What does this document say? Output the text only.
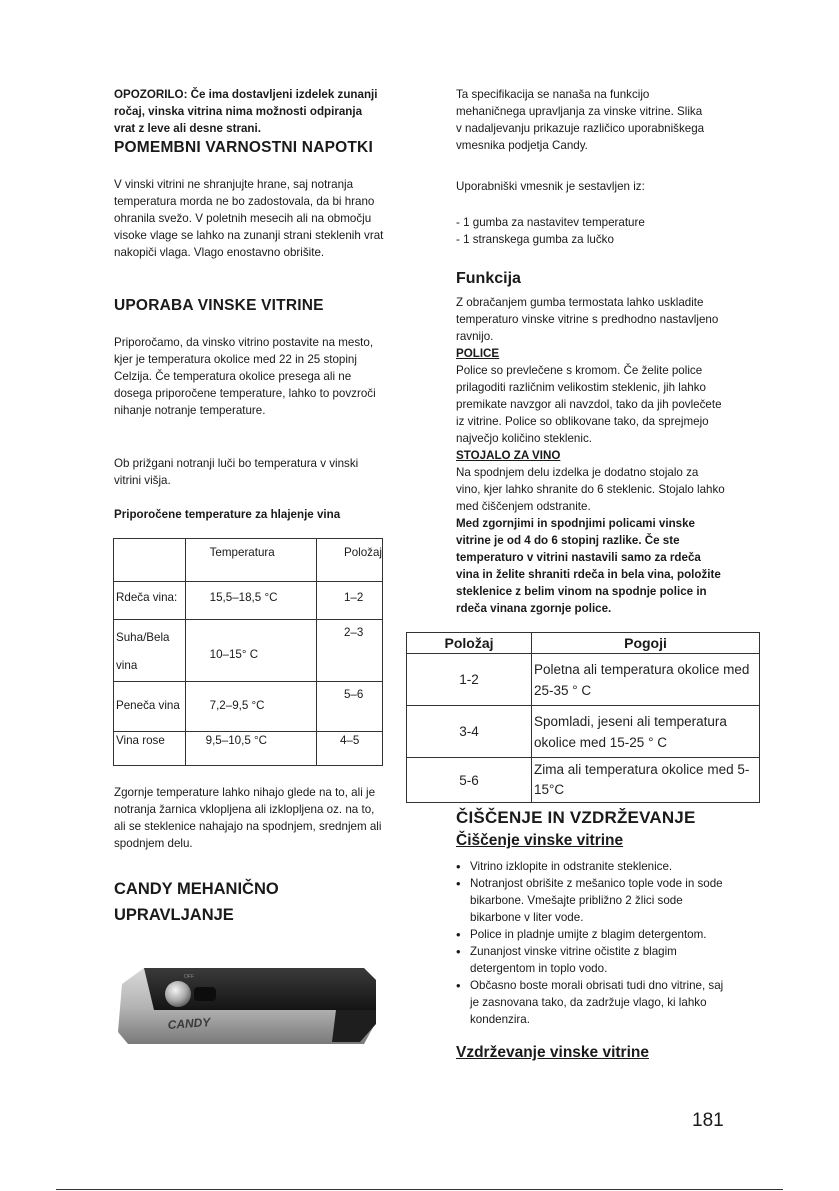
OPOZORILO: Če ima dostavljeni izdelek zunanji ročaj, vinska vitrina nima možnosti odpiranja vrat z leve ali desne strani.
POMEMBNI VARNOSTNI NAPOTKI
V vinski vitrini ne shranjujte hrane, saj notranja temperatura morda ne bo zadostovala, da bi hrano ohranila svežo. V poletnih mesecih ali na območju visoke vlage se lahko na zunanji strani steklenih vrat nakopiči vlaga. Vlago enostavno obrišite.
UPORABA VINSKE VITRINE
Priporočamo, da vinsko vitrino postavite na mesto, kjer je temperatura okolice med 22 in 25 stopinj Celzija. Če temperatura okolice presega ali ne dosega priporočene temperature, lahko to povzroči nihanje notranje temperature.
Ob prižgani notranji luči bo temperatura v vinski vitrini višja.
Priporočene temperature za hlajenje vina
	Temperatura	Položaj
Rdeča vina:	15,5–18,5 °C	1–2

Suha/Bela
vina	10–15° C	2–3
Peneča vina	7,2–9,5 °C	5–6
Vina rose	9,5–10,5 °C	4–5
Zgornje temperature lahko nihajo glede na to, ali je notranja žarnica vklopljena ali izklopljena oz. na to, ali se steklenice nahajajo na spodnjem, srednjem ali spodnjem delu.
CANDY MEHANIČNO
UPRAVLJANJE
OFF
CANDY
Ta specifikacija se nanaša na funkcijo mehaničnega upravljanja za vinske vitrine. Slika v nadaljevanju prikazuje različico uporabniškega vmesnika podjetja Candy.
Uporabniški vmesnik je sestavljen iz:
- 1 gumba za nastavitev temperature
- 1 stranskega gumba za lučko
Funkcija

Z obračanjem gumba termostata lahko uskladite temperaturo vinske vitrine s predhodno nastavljeno ravnijo.

POLICE

Police so prevlečene s kromom. Če želite police prilagoditi različnim velikostim steklenic, jih lahko premikate navzgor ali navzdol, tako da jih povlečete iz vitrine. Police so oblikovane tako, da sprejmejo največjo količino steklenic.

STOJALO ZA VINO

Na spodnjem delu izdelka je dodatno stojalo za vino, kjer lahko shranite do 6 steklenic. Stojalo lahko med čiščenjem odstranite.

Med zgornjimi in spodnjimi policami vinske vitrine je od 4 do 6 stopinj razlike. Če ste temperaturo v vitrini nastavili samo za rdeča vina in želite shraniti rdeča in bela vina, položite steklenice z belim vinom na spodnje police in rdeča vinana zgornje police.

Položaj	Pogoji
1-2	Poletna ali temperatura okolice med 25-35 ° C
3-4	Spomladi, jeseni ali temperatura okolice med 15-25 ° C
5-6	Zima ali temperatura okolice med 5-15°C
ČIŠČENJE IN VZDRŽEVANJE
Čiščenje vinske vitrine
• Vitrino izklopite in odstranite steklenice.
• Notranjost obrišite z mešanico tople vode in sode bikarbone. Vmešajte približno 2 žlici sode bikarbone v liter vode.
• Police in pladnje umijte z blagim detergentom.
• Zunanjost vinske vitrine očistite z blagim detergentom in toplo vodo.
• Občasno boste morali obrisati tudi dno vitrine, saj je zasnovana tako, da zadržuje vlago, ki lahko kondenzira.
Vzdrževanje vinske vitrine
181
